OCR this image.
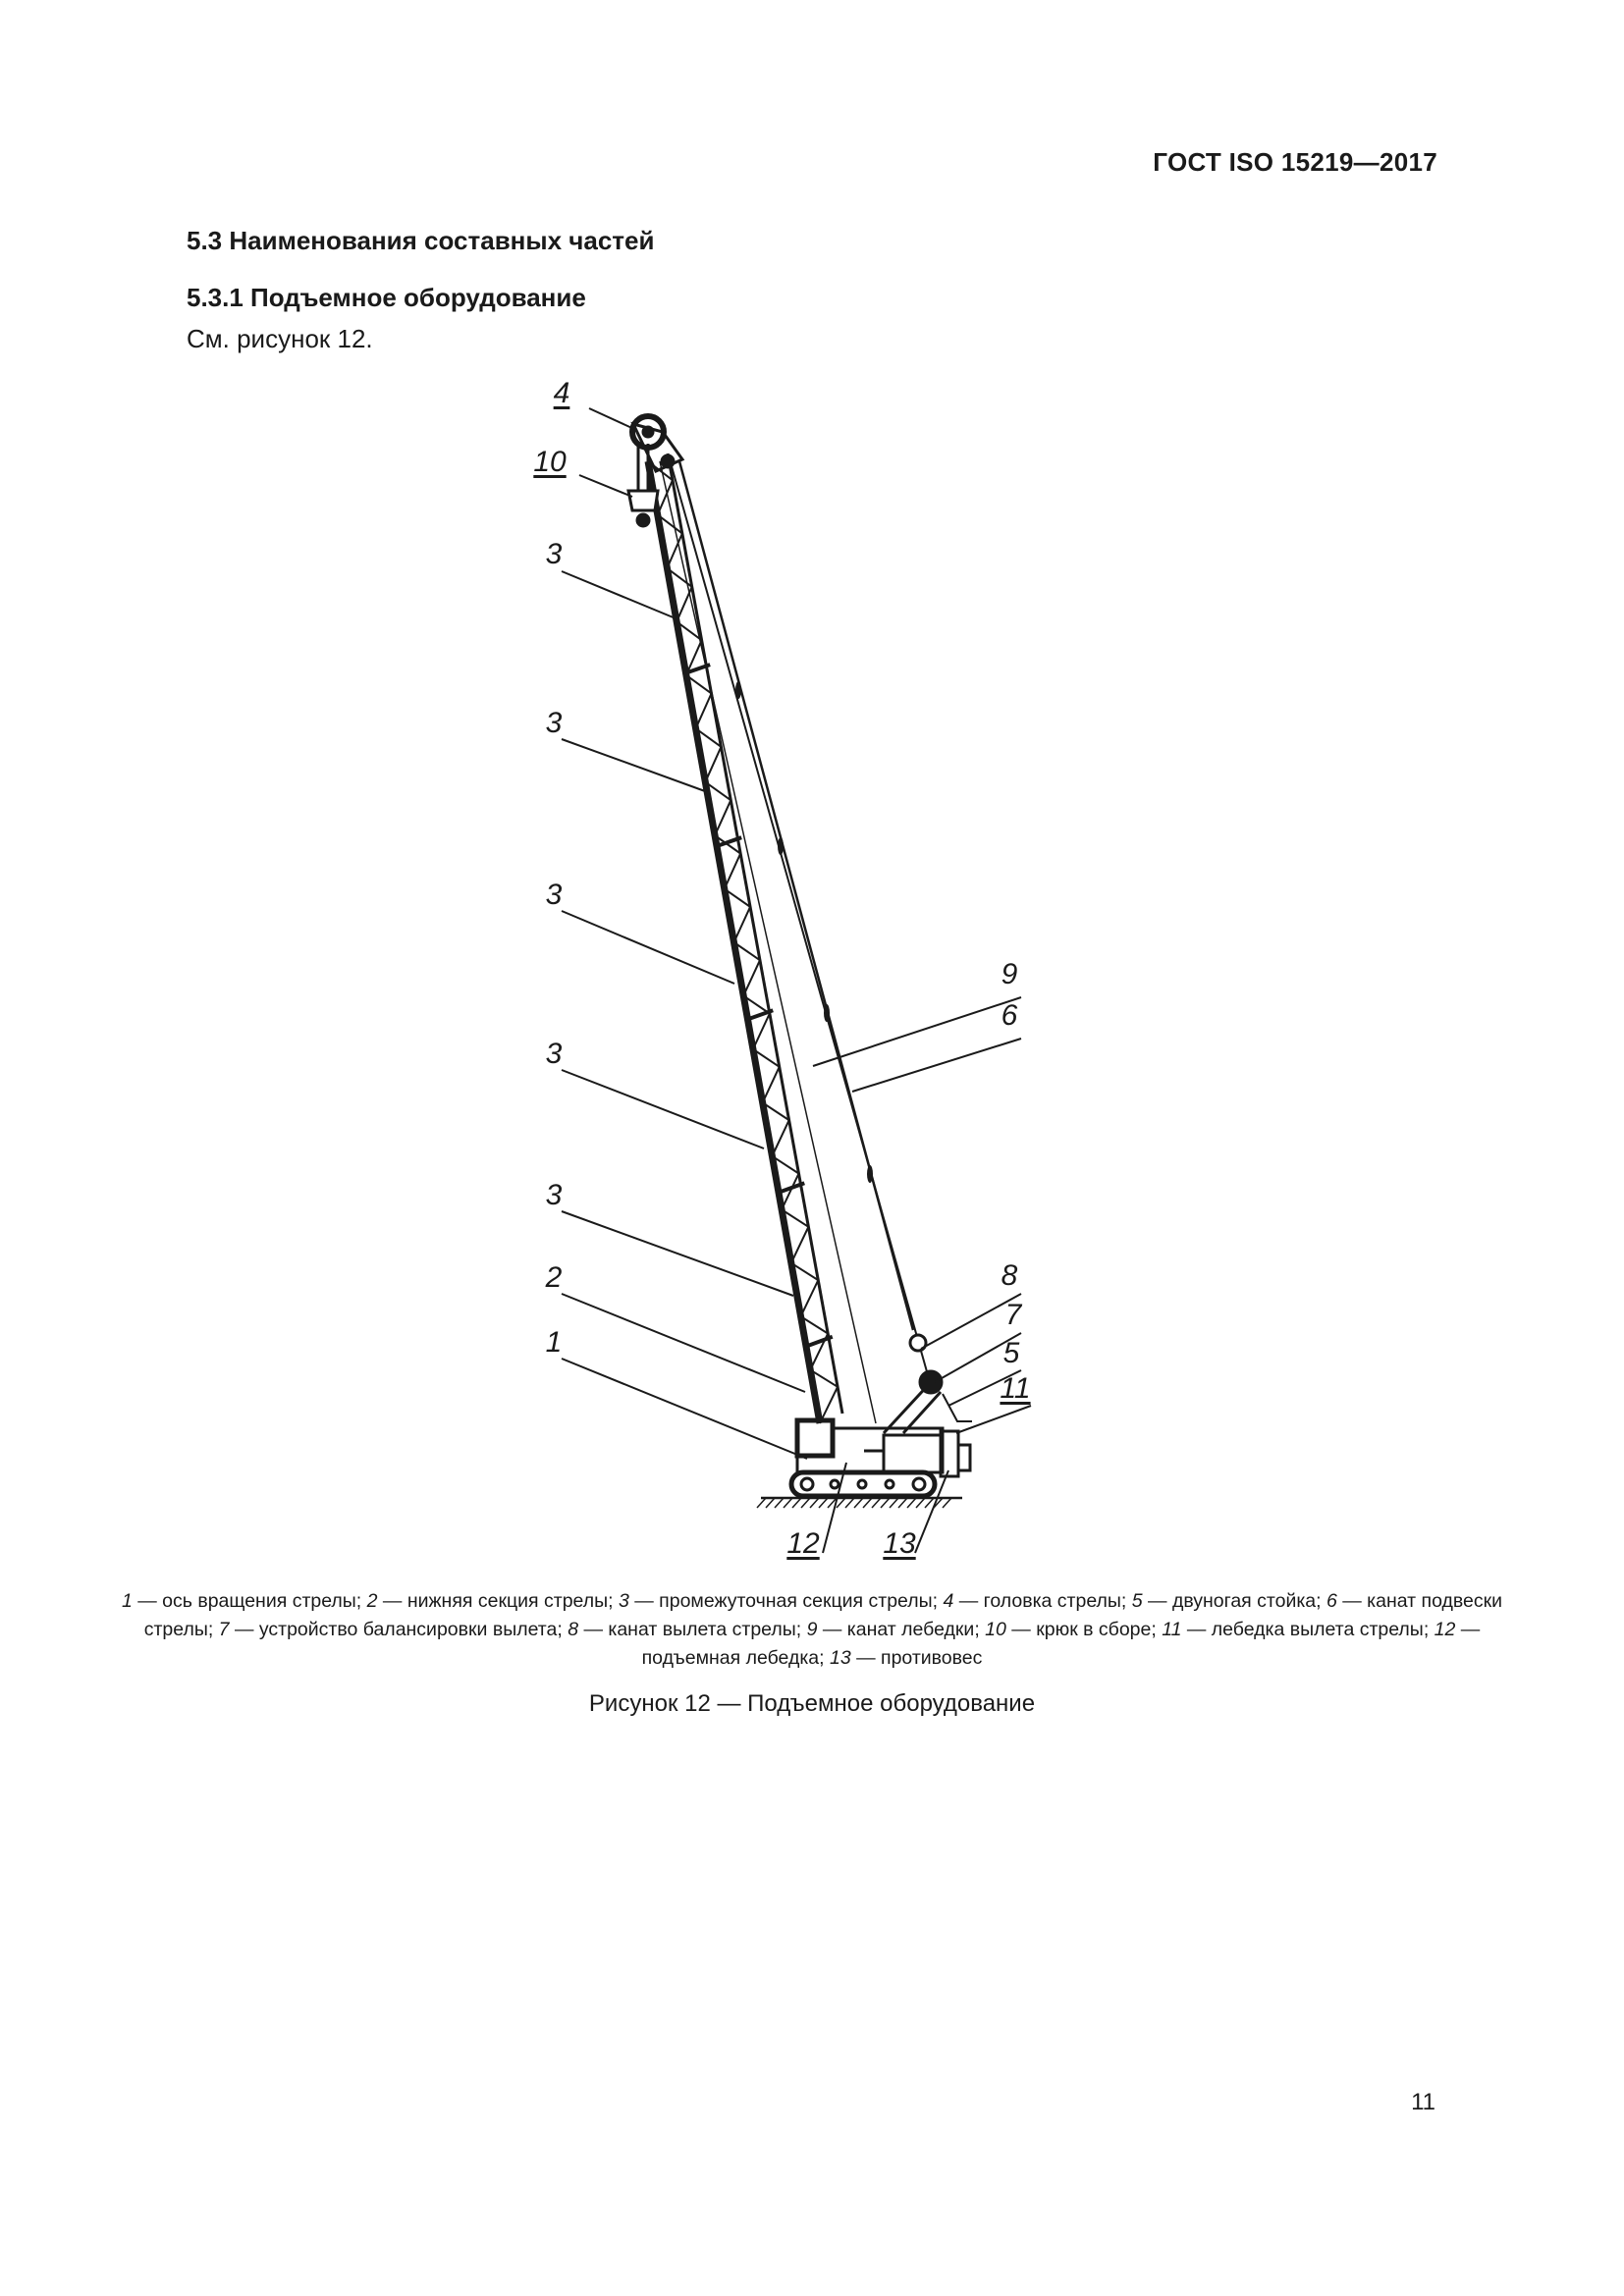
ГОСТ ISO 15219—2017
5.3 Наименования составных частей
5.3.1 Подъемное оборудование
См. рисунок 12.
4
10
3
3
3
3
3
2
1
9
6
8
7
5
11
12 13
1 — ось вращения стрелы; 2 — нижняя секция стрелы; 3 — промежуточная секция стрелы; 4 — головка стрелы; 5 — двуногая стойка; 6 — канат подвески стрелы; 7 — устройство балансировки вылета; 8 — канат вылета стрелы; 9 — канат лебедки; 10 — крюк в сборе; 11 — лебедка вылета стрелы; 12 — подъемная лебедка; 13 — противовес
Рисунок 12 — Подъемное оборудование
11
